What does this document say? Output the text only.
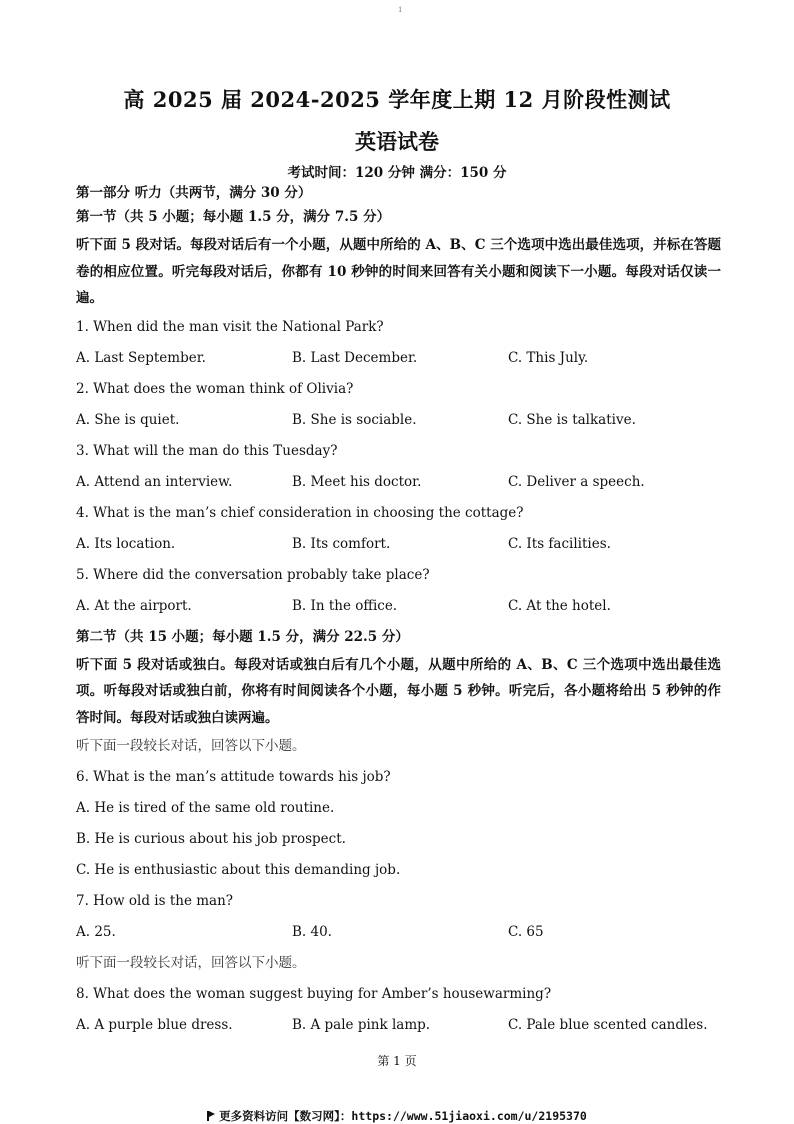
1
高 2025 届 2024-2025 学年度上期 12 月阶段性测试
英语试卷
考试时间：120 分钟 满分：150 分
第一部分 听力（共两节，满分 30 分）
第一节（共 5 小题；每小题 1.5 分，满分 7.5 分）
听下面 5 段对话。每段对话后有一个小题，从题中所给的 A、B、C 三个选项中选出最佳选项，并标在答题卷的相应位置。听完每段对话后，你都有 10 秒钟的时间来回答有关小题和阅读下一小题。每段对话仅读一遍。
1. When did the man visit the National Park?
A. Last September.	B. Last December.	C. This July.
2. What does the woman think of Olivia?
A. She is quiet.	B. She is sociable.	C. She is talkative.
3. What will the man do this Tuesday?
A. Attend an interview.	B. Meet his doctor.	C. Deliver a speech.
4. What is the man’s chief consideration in choosing the cottage?
A. Its location.	B. Its comfort.	C. Its facilities.
5. Where did the conversation probably take place?
A. At the airport.	B. In the office.	C. At the hotel.
第二节（共 15 小题；每小题 1.5 分，满分 22.5 分）
听下面 5 段对话或独白。每段对话或独白后有几个小题，从题中所给的 A、B、C 三个选项中选出最佳选项。听每段对话或独白前，你将有时间阅读各个小题，每小题 5 秒钟。听完后，各小题将给出 5 秒钟的作答时间。每段对话或独白读两遍。
听下面一段较长对话，回答以下小题。
6. What is the man’s attitude towards his job?
A. He is tired of the same old routine.
B. He is curious about his job prospect.
C. He is enthusiastic about this demanding job.
7. How old is the man?
A. 25.	B. 40.	C. 65
听下面一段较长对话，回答以下小题。
8. What does the woman suggest buying for Amber’s housewarming?
A. A purple blue dress.	B. A pale pink lamp.	C. Pale blue scented candles.
第 1 页
更多资料访问【数习网】：https://www.51jiaoxi.com/u/2195370
